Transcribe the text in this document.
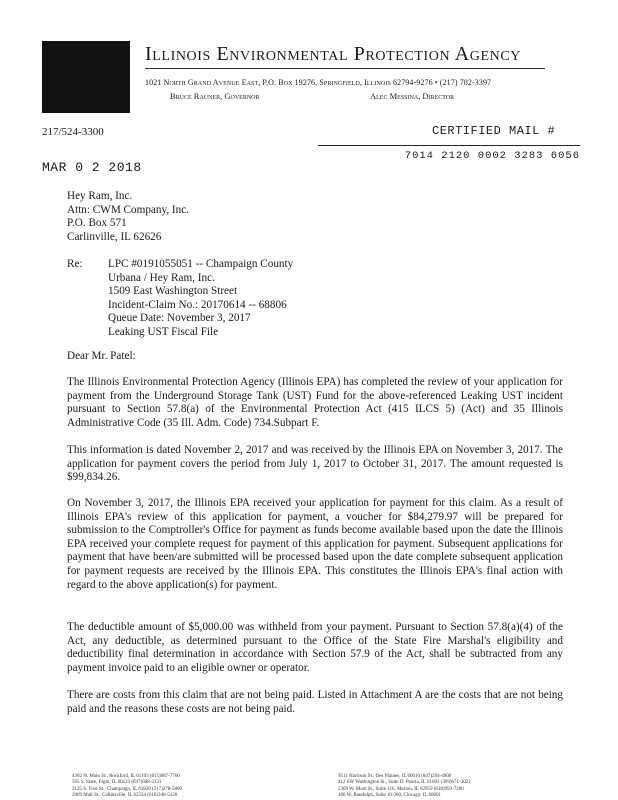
Illinois Environmental Protection Agency
1021 North Grand Avenue East, P.O. Box 19276, Springfield, Illinois 62794-9276 • (217) 782-3397
Bruce Rauner, Governor	Alec Messina, Director
217/524-3300	CERTIFIED MAIL #
7014 2120 0002 3283 6056
MAR 0 2 2018
Hey Ram, Inc.
Attn: CWM Company, Inc.
P.O. Box 571
Carlinville, IL 62626
Re: LPC #0191055051 -- Champaign County
Urbana / Hey Ram, Inc.
1509 East Washington Street
Incident-Claim No.: 20170614 -- 68806
Queue Date: November 3, 2017
Leaking UST Fiscal File
Dear Mr. Patel:
The Illinois Environmental Protection Agency (Illinois EPA) has completed the review of your application for payment from the Underground Storage Tank (UST) Fund for the above-referenced Leaking UST incident pursuant to Section 57.8(a) of the Environmental Protection Act (415 ILCS 5) (Act) and 35 Illinois Administrative Code (35 Ill. Adm. Code) 734.Subpart F.
This information is dated November 2, 2017 and was received by the Illinois EPA on November 3, 2017. The application for payment covers the period from July 1, 2017 to October 31, 2017. The amount requested is $99,834.26.
On November 3, 2017, the Illinois EPA received your application for payment for this claim. As a result of Illinois EPA's review of this application for payment, a voucher for $84,279.97 will be prepared for submission to the Comptroller's Office for payment as funds become available based upon the date the Illinois EPA received your complete request for payment of this application for payment. Subsequent applications for payment that have been/are submitted will be processed based upon the date complete subsequent application for payment requests are received by the Illinois EPA. This constitutes the Illinois EPA's final action with regard to the above application(s) for payment.
The deductible amount of $5,000.00 was withheld from your payment. Pursuant to Section 57.8(a)(4) of the Act, any deductible, as determined pursuant to the Office of the State Fire Marshal's eligibility and deductibility final determination in accordance with Section 57.9 of the Act, shall be subtracted from any payment invoice paid to an eligible owner or operator.
There are costs from this claim that are not being paid. Listed in Attachment A are the costs that are not being paid and the reasons these costs are not being paid.
4302 N. Main St., Rockford, IL 61103 (815)987-7760
595 S. State, Elgin, IL 60123 (847)608-3131
2125 S. First St., Champaign, IL 61820 (217)278-5800
2009 Mall St., Collinsville, IL 62234 (618)346-5120
9511 Harrison St., Des Plaines, IL 60016 (847)294-4000
412 SW Washington St., Suite D, Peoria, IL 61602 (309)671-3022
2309 W. Main St., Suite 116, Marion, IL 62959 (618)993-7200
100 W. Randolph, Suite 10-300, Chicago, IL 60601
